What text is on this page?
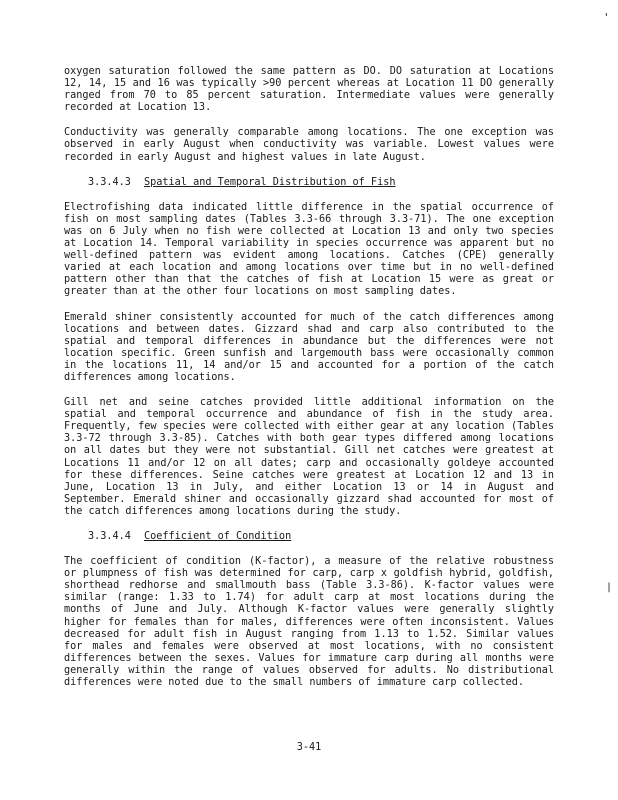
'
|

oxygen saturation followed the same pattern as DO. DO saturation at Locations 12, 14, 15 and 16 was typically >90 percent whereas at Location 11 DO generally ranged from 70 to 85 percent saturation. Intermediate values were generally recorded at Location 13.

Conductivity was generally comparable among locations. The one exception was observed in early August when conductivity was variable. Lowest values were recorded in early August and highest values in late August.

3.3.4.3 Spatial and Temporal Distribution of Fish

Electrofishing data indicated little difference in the spatial occurrence of fish on most sampling dates (Tables 3.3-66 through 3.3-71). The one exception was on 6 July when no fish were collected at Location 13 and only two species at Location 14. Temporal variability in species occurrence was apparent but no well-defined pattern was evident among locations. Catches (CPE) generally varied at each location and among locations over time but in no well-defined pattern other than that the catches of fish at Location 15 were as great or greater than at the other four locations on most sampling dates.

Emerald shiner consistently accounted for much of the catch differences among locations and between dates. Gizzard shad and carp also contributed to the spatial and temporal differences in abundance but the differences were not location specific. Green sunfish and largemouth bass were occasionally common in the locations 11, 14 and/or 15 and accounted for a portion of the catch differences among locations.

Gill net and seine catches provided little additional information on the spatial and temporal occurrence and abundance of fish in the study area. Frequently, few species were collected with either gear at any location (Tables 3.3-72 through 3.3-85). Catches with both gear types differed among locations on all dates but they were not substantial. Gill net catches were greatest at Locations 11 and/or 12 on all dates; carp and occasionally goldeye accounted for these differences. Seine catches were greatest at Location 12 and 13 in June, Location 13 in July, and either Location 13 or 14 in August and September. Emerald shiner and occasionally gizzard shad accounted for most of the catch differences among locations during the study.

3.3.4.4 Coefficient of Condition

The coefficient of condition (K-factor), a measure of the relative robustness or plumpness of fish was determined for carp, carp x goldfish hybrid, goldfish, shorthead redhorse and smallmouth bass (Table 3.3-86). K-factor values were similar (range: 1.33 to 1.74) for adult carp at most locations during the months of June and July. Although K-factor values were generally slightly higher for females than for males, differences were often inconsistent. Values decreased for adult fish in August ranging from 1.13 to 1.52. Similar values for males and females were observed at most locations, with no consistent differences between the sexes. Values for immature carp during all months were generally within the range of values observed for adults. No distributional differences were noted due to the small numbers of immature carp collected.

3-41
